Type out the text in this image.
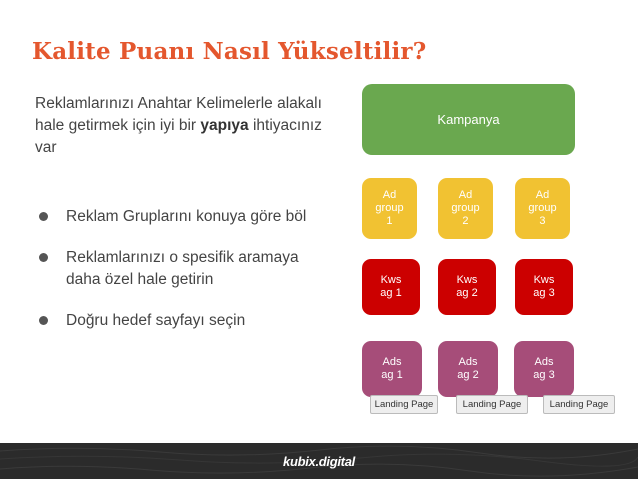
Kalite Puanı Nasıl Yükseltilir?
Reklamlarınızı Anahtar Kelimelerle alakalı hale getirmek için iyi bir yapıya ihtiyacınız var
Reklam Gruplarını konuya göre böl
Reklamlarınızı o spesifik aramaya daha özel hale getirin
Doğru hedef sayfayı seçin
Kampanya
Ad
group
1
Ad
group
2
Ad
group
3
Kws
ag 1
Kws
ag 2
Kws
ag 3
Ads
ag 1
Ads
ag 2
Ads
ag 3
Landing Page	Landing Page	Landing Page
kubix.digital
